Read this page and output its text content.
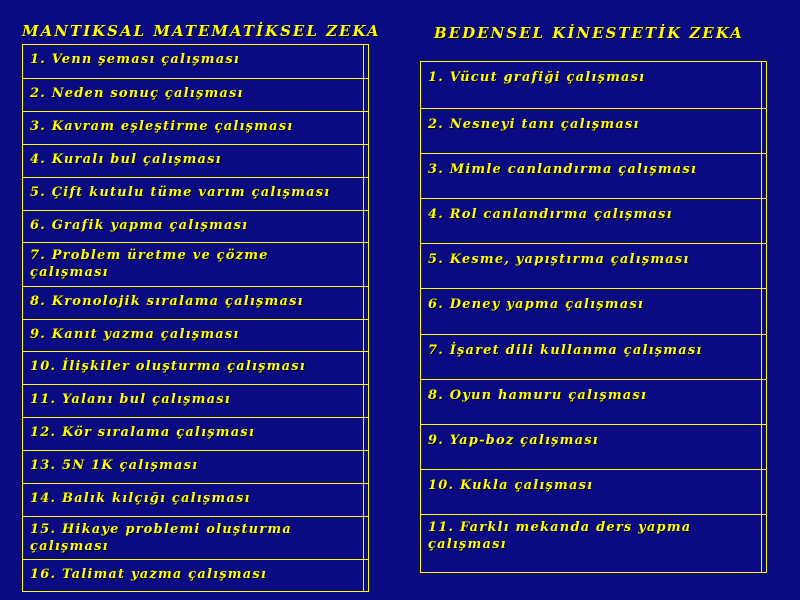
MANTIKSAL MATEMATİKSEL ZEKA	BEDENSEL KİNESTETİK ZEKA
1. Venn şeması çalışması
2. Neden sonuç çalışması
3. Kavram eşleştirme çalışması
4. Kuralı bul çalışması
5. Çift kutulu tüme varım çalışması
6. Grafik yapma çalışması
7. Problem üretme ve çözme
çalışması
8. Kronolojik sıralama çalışması
9. Kanıt yazma çalışması
10. İlişkiler oluşturma çalışması
11. Yalanı bul çalışması
12. Kör sıralama çalışması
13. 5N 1K çalışması
14. Balık kılçığı çalışması
15. Hikaye problemi oluşturma
çalışması
16. Talimat yazma çalışması
1. Vücut grafiği çalışması
2. Nesneyi tanı çalışması
3. Mimle canlandırma çalışması
4. Rol canlandırma çalışması
5. Kesme, yapıştırma çalışması
6. Deney yapma çalışması
7. İşaret dili kullanma çalışması
8. Oyun hamuru çalışması
9. Yap-boz çalışması
10. Kukla çalışması
11. Farklı mekanda ders yapma
çalışması
